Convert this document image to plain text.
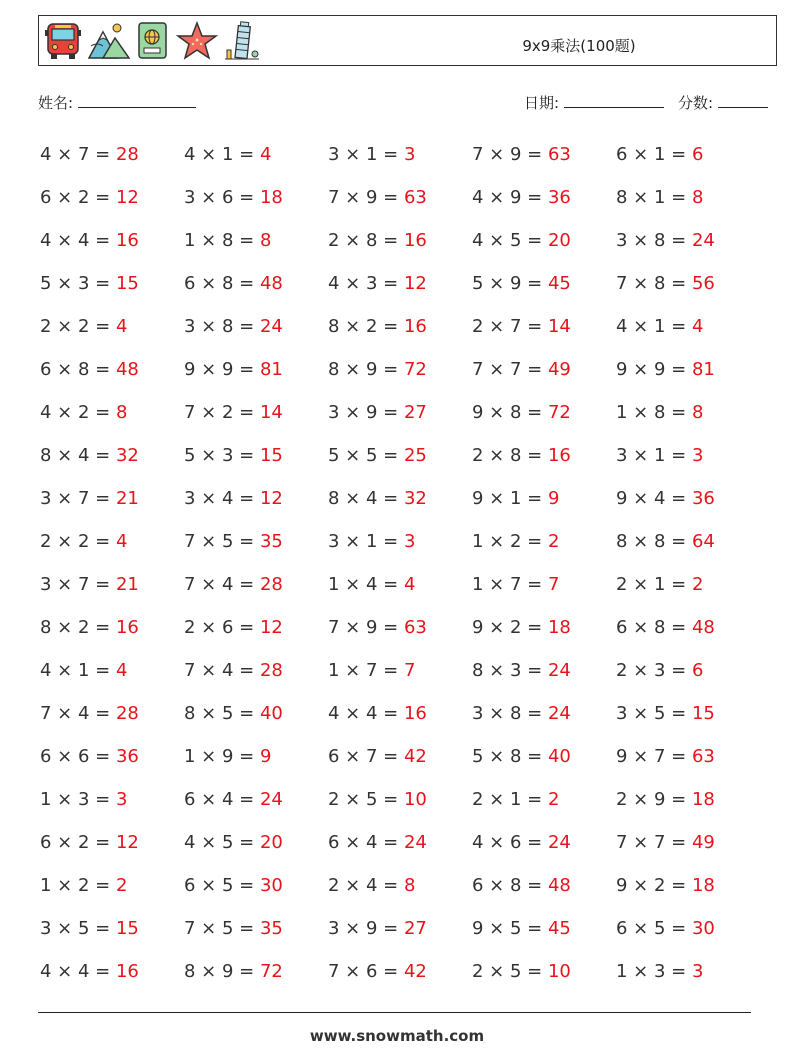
9x9乘法(100题)
姓名:	日期:	分数:
4 × 7 = 28	4 × 1 = 4	3 × 1 = 3	7 × 9 = 63	6 × 1 = 6
6 × 2 = 12	3 × 6 = 18	7 × 9 = 63	4 × 9 = 36	8 × 1 = 8
4 × 4 = 16	1 × 8 = 8	2 × 8 = 16	4 × 5 = 20	3 × 8 = 24
5 × 3 = 15	6 × 8 = 48	4 × 3 = 12	5 × 9 = 45	7 × 8 = 56
2 × 2 = 4	3 × 8 = 24	8 × 2 = 16	2 × 7 = 14	4 × 1 = 4
6 × 8 = 48	9 × 9 = 81	8 × 9 = 72	7 × 7 = 49	9 × 9 = 81
4 × 2 = 8	7 × 2 = 14	3 × 9 = 27	9 × 8 = 72	1 × 8 = 8
8 × 4 = 32	5 × 3 = 15	5 × 5 = 25	2 × 8 = 16	3 × 1 = 3
3 × 7 = 21	3 × 4 = 12	8 × 4 = 32	9 × 1 = 9	9 × 4 = 36
2 × 2 = 4	7 × 5 = 35	3 × 1 = 3	1 × 2 = 2	8 × 8 = 64
3 × 7 = 21	7 × 4 = 28	1 × 4 = 4	1 × 7 = 7	2 × 1 = 2
8 × 2 = 16	2 × 6 = 12	7 × 9 = 63	9 × 2 = 18	6 × 8 = 48
4 × 1 = 4	7 × 4 = 28	1 × 7 = 7	8 × 3 = 24	2 × 3 = 6
7 × 4 = 28	8 × 5 = 40	4 × 4 = 16	3 × 8 = 24	3 × 5 = 15
6 × 6 = 36	1 × 9 = 9	6 × 7 = 42	5 × 8 = 40	9 × 7 = 63
1 × 3 = 3	6 × 4 = 24	2 × 5 = 10	2 × 1 = 2	2 × 9 = 18
6 × 2 = 12	4 × 5 = 20	6 × 4 = 24	4 × 6 = 24	7 × 7 = 49
1 × 2 = 2	6 × 5 = 30	2 × 4 = 8	6 × 8 = 48	9 × 2 = 18
3 × 5 = 15	7 × 5 = 35	3 × 9 = 27	9 × 5 = 45	6 × 5 = 30
4 × 4 = 16	8 × 9 = 72	7 × 6 = 42	2 × 5 = 10	1 × 3 = 3
www.snowmath.com
